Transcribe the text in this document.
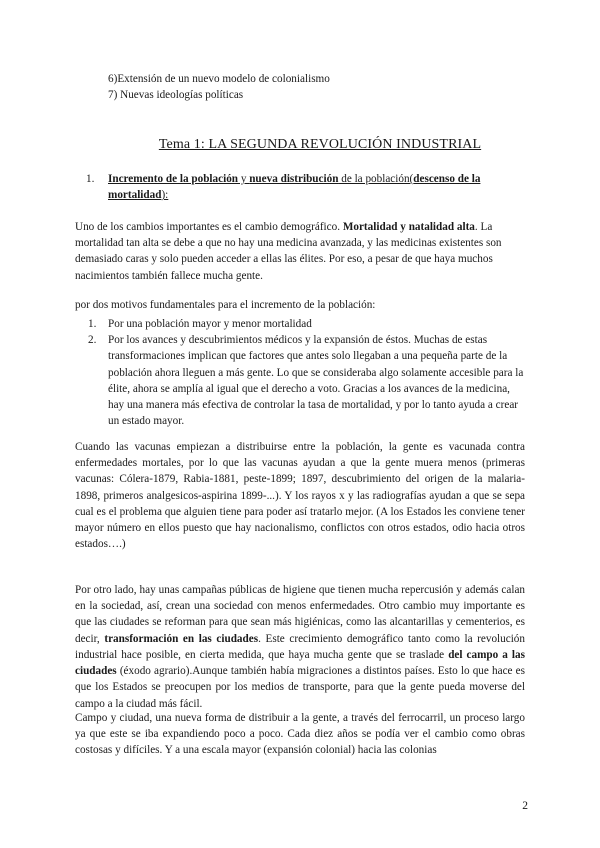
6)Extensión de un nuevo modelo de colonialismo
7) Nuevas ideologías políticas
Tema 1: LA SEGUNDA REVOLUCIÓN INDUSTRIAL
1. Incremento de la población y nueva distribución de la población(descenso de la mortalidad):
Uno de los cambios importantes es el cambio demográfico. Mortalidad y natalidad alta. La mortalidad tan alta se debe a que no hay una medicina avanzada, y las medicinas existentes son demasiado caras y solo pueden acceder a ellas las élites. Por eso, a pesar de que haya muchos nacimientos también fallece mucha gente.
por dos motivos fundamentales para el incremento de la población:
1. Por una población mayor y menor mortalidad
2. Por los avances y descubrimientos médicos y la expansión de éstos. Muchas de estas transformaciones implican que factores que antes solo llegaban a una pequeña parte de la población ahora lleguen a más gente. Lo que se consideraba algo solamente accesible para la élite, ahora se amplía al igual que el derecho a voto. Gracias a los avances de la medicina, hay una manera más efectiva de controlar la tasa de mortalidad, y por lo tanto ayuda a crear un estado mayor.
Cuando las vacunas empiezan a distribuirse entre la población, la gente es vacunada contra enfermedades mortales, por lo que las vacunas ayudan a que la gente muera menos (primeras vacunas: Cólera-1879, Rabia-1881, peste-1899; 1897, descubrimiento del origen de la malaria-1898, primeros analgesicos-aspirina 1899-...). Y los rayos x y las radiografías ayudan a que se sepa cual es el problema que alguien tiene para poder así tratarlo mejor. (A los Estados les conviene tener mayor número en ellos puesto que hay nacionalismo, conflictos con otros estados, odio hacia otros estados….)
Por otro lado, hay unas campañas públicas de higiene que tienen mucha repercusión y además calan en la sociedad, así, crean una sociedad con menos enfermedades. Otro cambio muy importante es que las ciudades se reforman para que sean más higiénicas, como las alcantarillas y cementerios, es decir, transformación en las ciudades. Este crecimiento demográfico tanto como la revolución industrial hace posible, en cierta medida, que haya mucha gente que se traslade del campo a las ciudades (éxodo agrario).Aunque también había migraciones a distintos países. Esto lo que hace es que los Estados se preocupen por los medios de transporte, para que la gente pueda moverse del campo a la ciudad más fácil.
Campo y ciudad, una nueva forma de distribuir a la gente, a través del ferrocarril, un proceso largo ya que este se iba expandiendo poco a poco. Cada diez años se podía ver el cambio como obras costosas y difíciles. Y a una escala mayor (expansión colonial) hacia las colonias
2
